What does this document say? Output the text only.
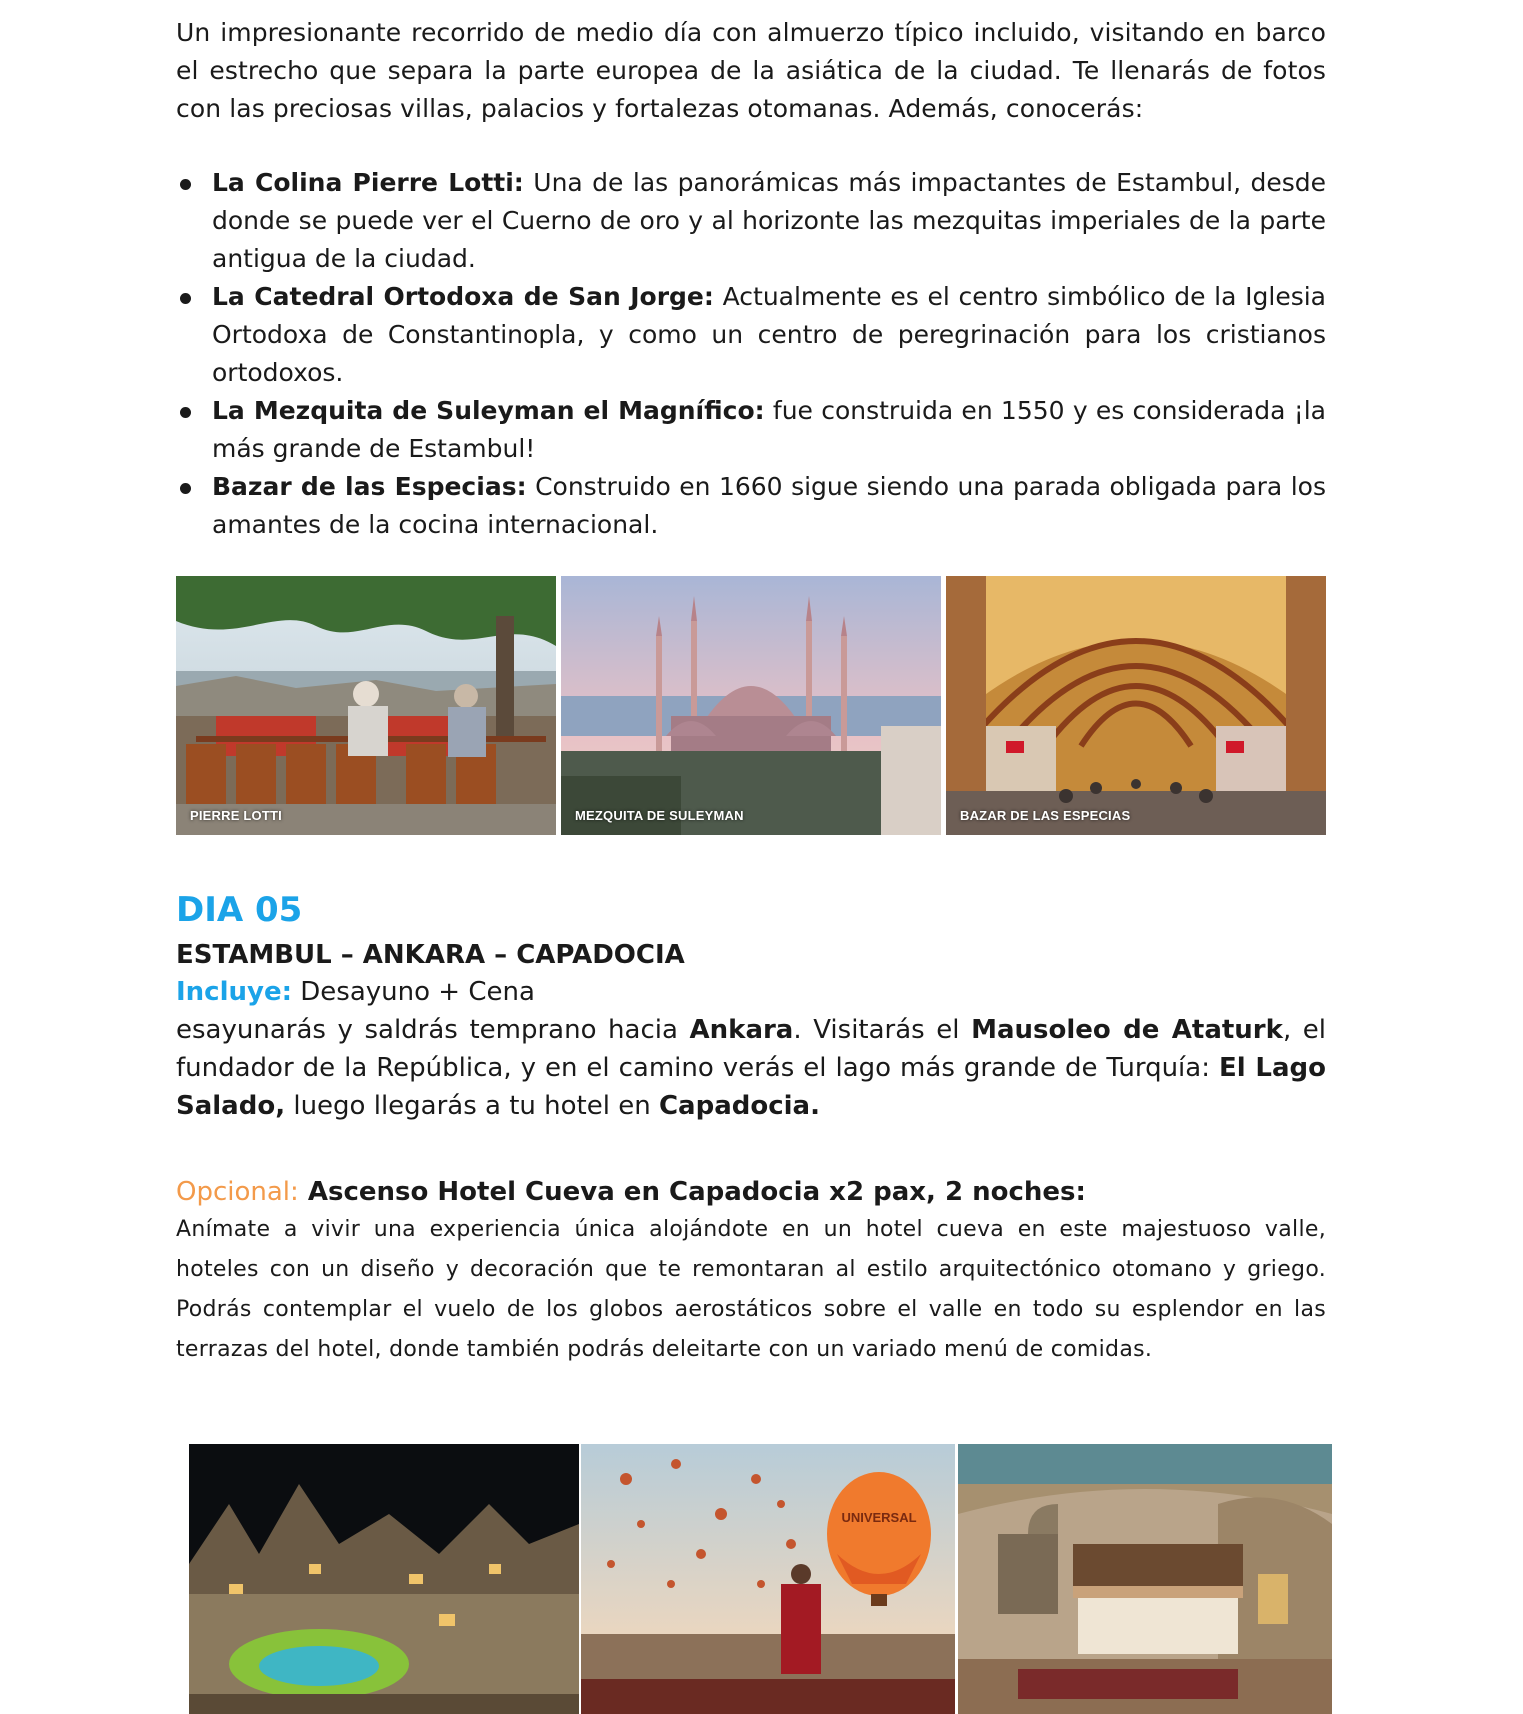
Un impresionante recorrido de medio día con almuerzo típico incluido, visitando en barco el estrecho que separa la parte europea de la asiática de la ciudad. Te llenarás de fotos con las preciosas villas, palacios y fortalezas otomanas. Además, conocerás:

La Colina Pierre Lotti: Una de las panorámicas más impactantes de Estambul, desde donde se puede ver el Cuerno de oro y al horizonte las mezquitas imperiales de la parte antigua de la ciudad.
La Catedral Ortodoxa de San Jorge: Actualmente es el centro simbólico de la Iglesia Ortodoxa de Constantinopla, y como un centro de peregrinación para los cristianos ortodoxos.
La Mezquita de Suleyman el Magnífico: fue construida en 1550 y es considerada ¡la más grande de Estambul!
Bazar de las Especias: Construido en 1660 sigue siendo una parada obligada para los amantes de la cocina internacional.
PIERRE LOTTI	MEZQUITA DE SULEYMAN	BAZAR DE LAS ESPECIAS
DIA 05
ESTAMBUL – ANKARA – CAPADOCIA

Incluye: Desayuno + Cena

esayunarás y saldrás temprano hacia Ankara. Visitarás el Mausoleo de Ataturk, el fundador de la República, y en el camino verás el lago más grande de Turquía: El Lago Salado, luego llegarás a tu hotel en Capadocia.

Opcional: Ascenso Hotel Cueva en Capadocia x2 pax, 2 noches:

Anímate a vivir una experiencia única alojándote en un hotel cueva en este majestuoso valle, hoteles con un diseño y decoración que te remontaran al estilo arquitectónico otomano y griego. Podrás contemplar el vuelo de los globos aerostáticos sobre el valle en todo su esplendor en las terrazas del hotel, donde también podrás deleitarte con un variado menú de comidas.

UNIVERSAL
